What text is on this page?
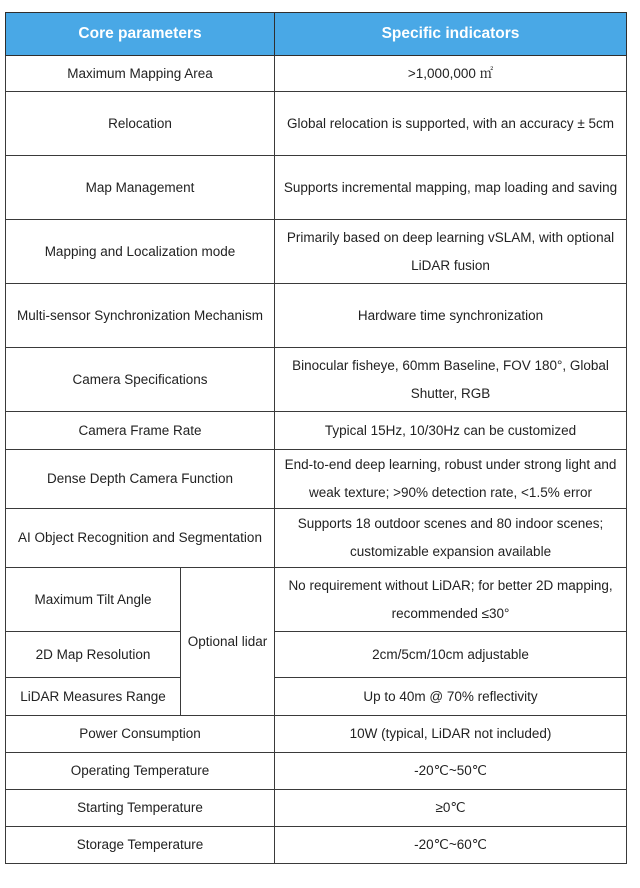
Core parameters		Specific indicators
Maximum Mapping Area		>1,000,000 ㎡
Relocation		Global relocation is supported, with an accuracy ± 5cm
Map Management		Supports incremental mapping, map loading and saving
Mapping and Localization mode		Primarily based on deep learning vSLAM, with optional LiDAR fusion
Multi-sensor Synchronization Mechanism		Hardware time synchronization
Camera Specifications		Binocular fisheye, 60mm Baseline, FOV 180°, Global Shutter, RGB
Camera Frame Rate		Typical 15Hz, 10/30Hz can be customized
Dense Depth Camera Function		End-to-end deep learning, robust under strong light and weak texture; >90% detection rate, <1.5% error
AI Object Recognition and Segmentation		Supports 18 outdoor scenes and 80 indoor scenes; customizable expansion available
Maximum Tilt Angle	Optional lidar	No requirement without LiDAR; for better 2D mapping, recommended ≤30°
2D Map Resolution		2cm/5cm/10cm adjustable
LiDAR Measures Range		Up to 40m @ 70% reflectivity
Power Consumption		10W (typical, LiDAR not included)
Operating Temperature		-20℃~50℃
Starting Temperature		≥0℃
Storage Temperature		-20℃~60℃
